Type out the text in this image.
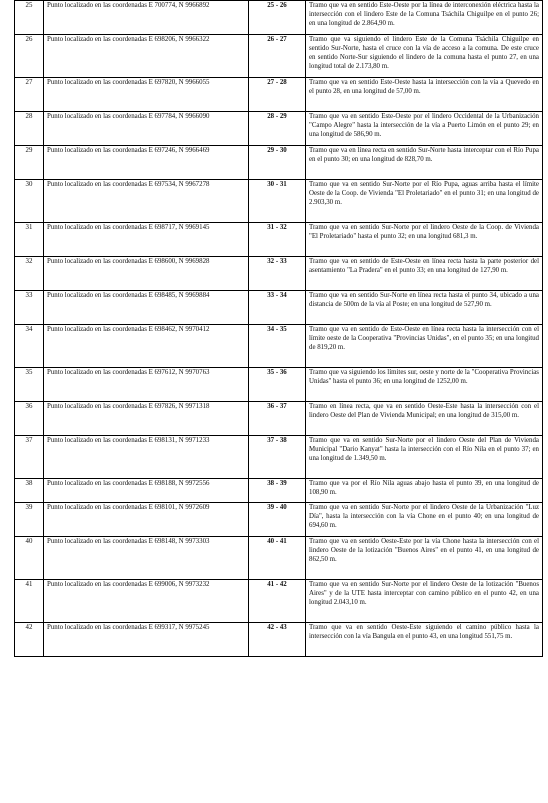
25	Punto localizado en las coordenadas E 700774, N 9966892	25 - 26	Tramo que va en sentido Este-Oeste por la línea de interconexión eléctrica hasta la intersección con el lindero Este de la Comuna Tsáchila Chiguilpe en el punto 26; en una longitud de 2.864,90 m.
26	Punto localizado en las coordenadas E 698206, N 9966322	26 - 27	Tramo que va siguiendo el lindero Este de la Comuna Tsáchila Chiguilpe en sentido Sur-Norte, hasta el cruce con la vía de acceso a la comuna. De este cruce en sentido Norte-Sur siguiendo el lindero de la comuna hasta el punto 27, en una longitud total de 2.173,80 m.
27	Punto localizado en las coordenadas E 697820, N 9966055	27 - 28	Tramo que va en sentido Este-Oeste hasta la intersección con la vía a Quevedo en el punto 28, en una longitud de 57,00 m.
28	Punto localizado en las coordenadas E 697784, N 9966090	28 - 29	Tramo que va en sentido Este-Oeste por el lindero Occidental de la Urbanización "Campo Alegre" hasta la intersección de la vía a Puerto Limón en el punto 29; en una longitud de 586,90 m.
29	Punto localizado en las coordenadas E 697246, N 9966469	29 - 30	Tramo que va en línea recta en sentido Sur-Norte hasta interceptar con el Río Pupa en el punto 30; en una longitud de 828,70 m.
30	Punto localizado en las coordenadas E 697534, N 9967278	30 - 31	Tramo que va en sentido Sur-Norte por el Río Pupa, aguas arriba hasta el límite Oeste de la Coop. de Vivienda "El Proletariado" en el punto 31; en una longitud de 2.903,30 m.
31	Punto localizado en las coordenadas E 698717, N 9969145	31 - 32	Tramo que va en sentido Sur-Norte por el lindero Oeste de la Coop. de Vivienda "El Proletariado" hasta el punto 32; en una longitud 681,3 m.
32	Punto localizado en las coordenadas E 698600, N 9969828	32 - 33	Tramo que va en sentido de Este-Oeste en línea recta hasta la parte posterior del asentamiento "La Pradera" en el punto 33; en una longitud de 127,90 m.
33	Punto localizado en las coordenadas E 698485, N 9969884	33 - 34	Tramo que va en sentido Sur-Norte en línea recta hasta el punto 34, ubicado a una distancia de 500m de la vía al Poste; en una longitud de 527,90 m.
34	Punto localizado en las coordenadas E 698462, N 9970412	34 - 35	Tramo que va en sentido de Este-Oeste en línea recta hasta la intersección con el límite oeste de la Cooperativa "Provincias Unidas", en el punto 35; en una longitud de 819,20 m.
35	Punto localizado en las coordenadas E 697612, N 9970763	35 - 36	Tramo que va siguiendo los límites sur, oeste y norte de la "Cooperativa Provincias Unidas" hasta el punto 36; en una longitud de 1252,00 m.
36	Punto localizado en las coordenadas E 697826, N 9971318	36 - 37	Tramo en línea recta, que va en sentido Oeste-Este hasta la intersección con el lindero Oeste del Plan de Vivienda Municipal; en una longitud de 315,00 m.
37	Punto localizado en las coordenadas E 698131, N 9971233	37 - 38	Tramo que va en sentido Sur-Norte por el lindero Oeste del Plan de Vivienda Municipal "Dario Kanyat" hasta la intersección con el Río Nila en el punto 37; en una longitud de 1.349,50 m.
38	Punto localizado en las coordenadas E 698188, N 9972556	38 - 39	Tramo que va por el Río Nila aguas abajo hasta el punto 39, en una longitud de 108,90 m.
39	Punto localizado en las coordenadas E 698101, N 9972609	39 - 40	Tramo que va en sentido Sur-Norte por el lindero Oeste de la Urbanización "Luz Día", hasta la intersección con la vía Chone en el punto 40; en una longitud de 694,60 m.
40	Punto localizado en las coordenadas E 698148, N 9973303	40 - 41	Tramo que va en sentido Oeste-Este por la vía Chone hasta la intersección con el lindero Oeste de la lotización "Buenos Aires" en el punto 41, en una longitud de 862,50 m.
41	Punto localizado en las coordenadas E 699006, N 9973232	41 - 42	Tramo que va en sentido Sur-Norte por el lindero Oeste de la lotización "Buenos Aires" y de la UTE hasta interceptar con camino público en el punto 42, en una longitud 2.043,10 m.
42	Punto localizado en las coordenadas E 699317, N 9975245	42 - 43	Tramo que va en sentido Oeste-Este siguiendo el camino público hasta la intersección con la vía Bangula en el punto 43, en una longitud 551,75 m.
